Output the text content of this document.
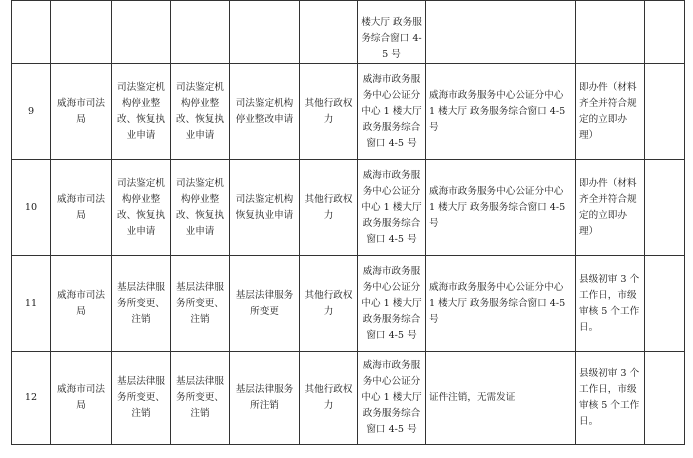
						楼大厅 政务服务综合窗口 4-5 号			
9	威海市司法局	司法鉴定机构停业整改、恢复执业申请	司法鉴定机构停业整改、恢复执业申请	司法鉴定机构停业整改申请	其他行政权力	威海市政务服务中心公证分中心 1 楼大厅 政务服务综合窗口 4-5 号	威海市政务服务中心公证分中心 1 楼大厅 政务服务综合窗口 4-5 号	即办件（材料齐全并符合规定的立即办理）	
10	威海市司法局	司法鉴定机构停业整改、恢复执业申请	司法鉴定机构停业整改、恢复执业申请	司法鉴定机构恢复执业申请	其他行政权力	威海市政务服务中心公证分中心 1 楼大厅 政务服务综合窗口 4-5 号	威海市政务服务中心公证分中心 1 楼大厅 政务服务综合窗口 4-5 号	即办件（材料齐全并符合规定的立即办理）	
11	威海市司法局	基层法律服务所变更、注销	基层法律服务所变更、注销	基层法律服务所变更	其他行政权力	威海市政务服务中心公证分中心 1 楼大厅 政务服务综合窗口 4-5 号	威海市政务服务中心公证分中心 1 楼大厅 政务服务综合窗口 4-5 号	县级初审 3 个工作日，市级审核 5 个工作日。	
12	威海市司法局	基层法律服务所变更、注销	基层法律服务所变更、注销	基层法律服务所注销	其他行政权力	威海市政务服务中心公证分中心 1 楼大厅 政务服务综合窗口 4-5 号	证件注销，无需发证	县级初审 3 个工作日，市级审核 5 个工作日。	
